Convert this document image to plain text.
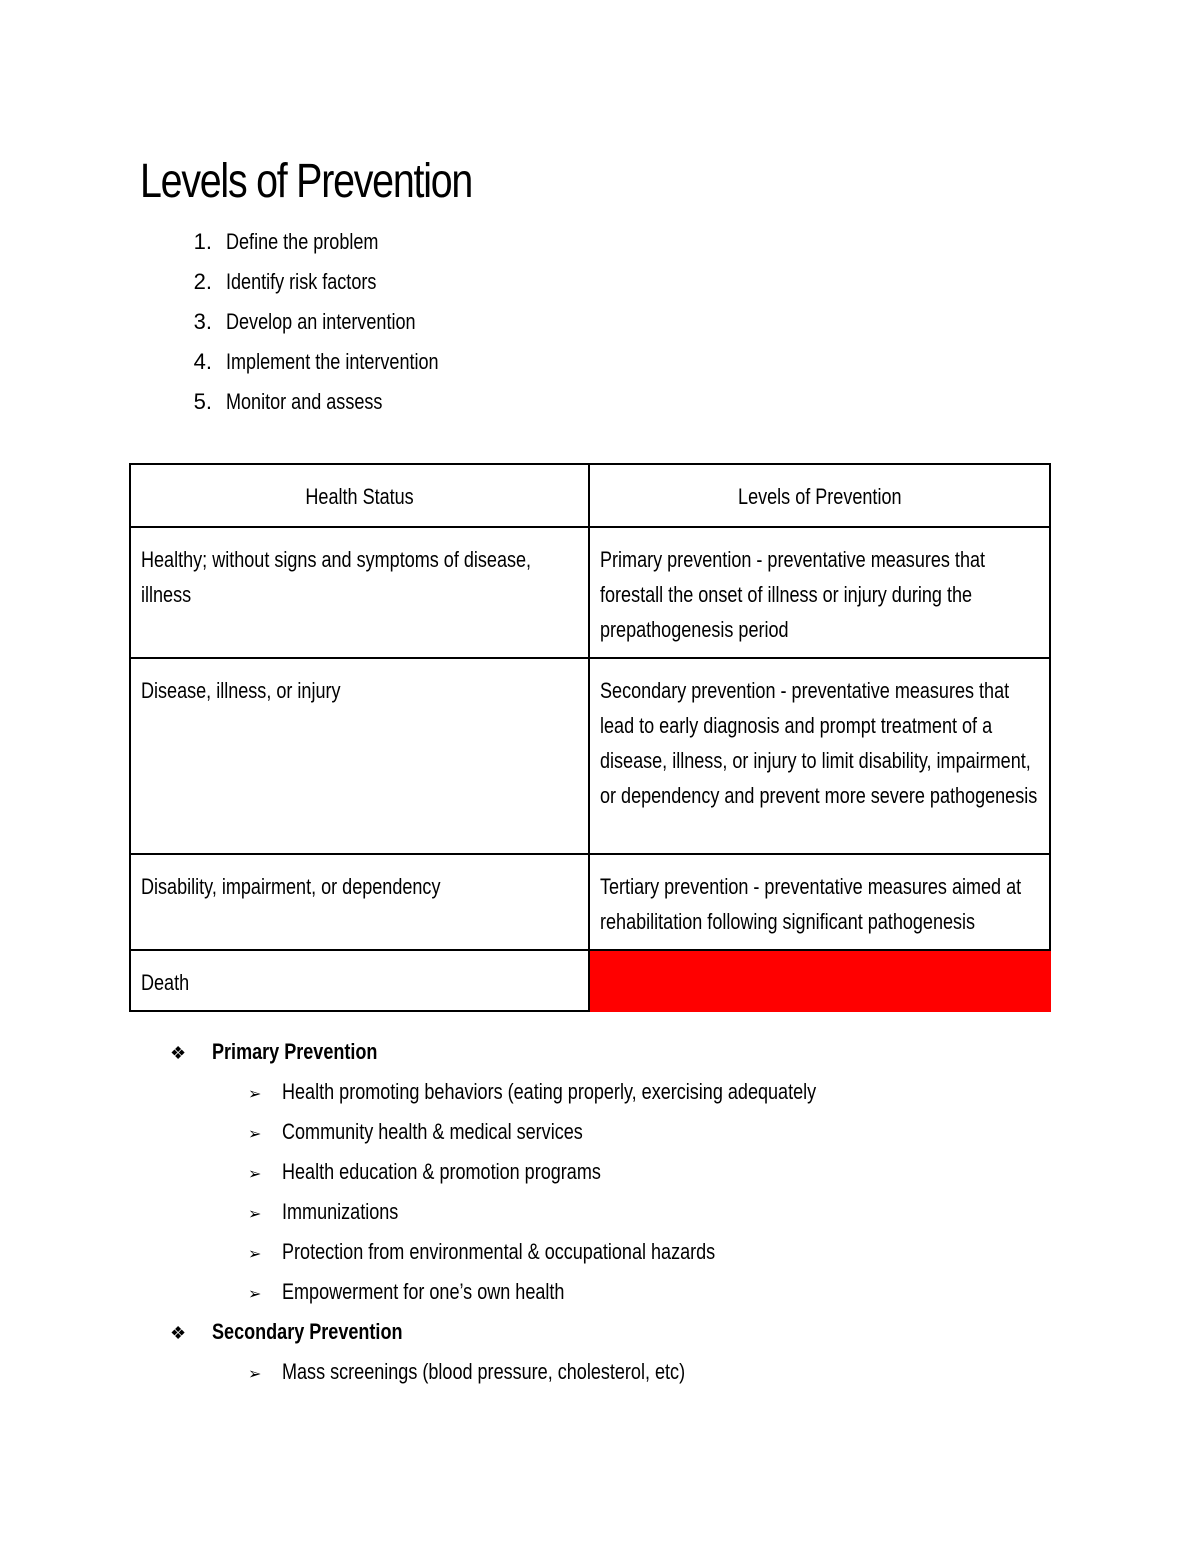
Levels of Prevention
1. Define the problem
2. Identify risk factors
3. Develop an intervention
4. Implement the intervention
5. Monitor and assess
Health Status	Levels of Prevention

Healthy; without signs and symptoms of disease, illness	Primary prevention - preventative measures that forestall the onset of illness or injury during the prepathogenesis period

Disease, illness, or injury	Secondary prevention - preventative measures that lead to early diagnosis and prompt treatment of a disease, illness, or injury to limit disability, impairment, or dependency and prevent more severe pathogenesis

Disability, impairment, or dependency	Tertiary prevention - preventative measures aimed at rehabilitation following significant pathogenesis

Death	

❖ Primary Prevention
➢ Health promoting behaviors (eating properly, exercising adequately
➢ Community health & medical services
➢ Health education & promotion programs
➢ Immunizations
➢ Protection from environmental & occupational hazards
➢ Empowerment for one’s own health
❖ Secondary Prevention
➢ Mass screenings (blood pressure, cholesterol, etc)
